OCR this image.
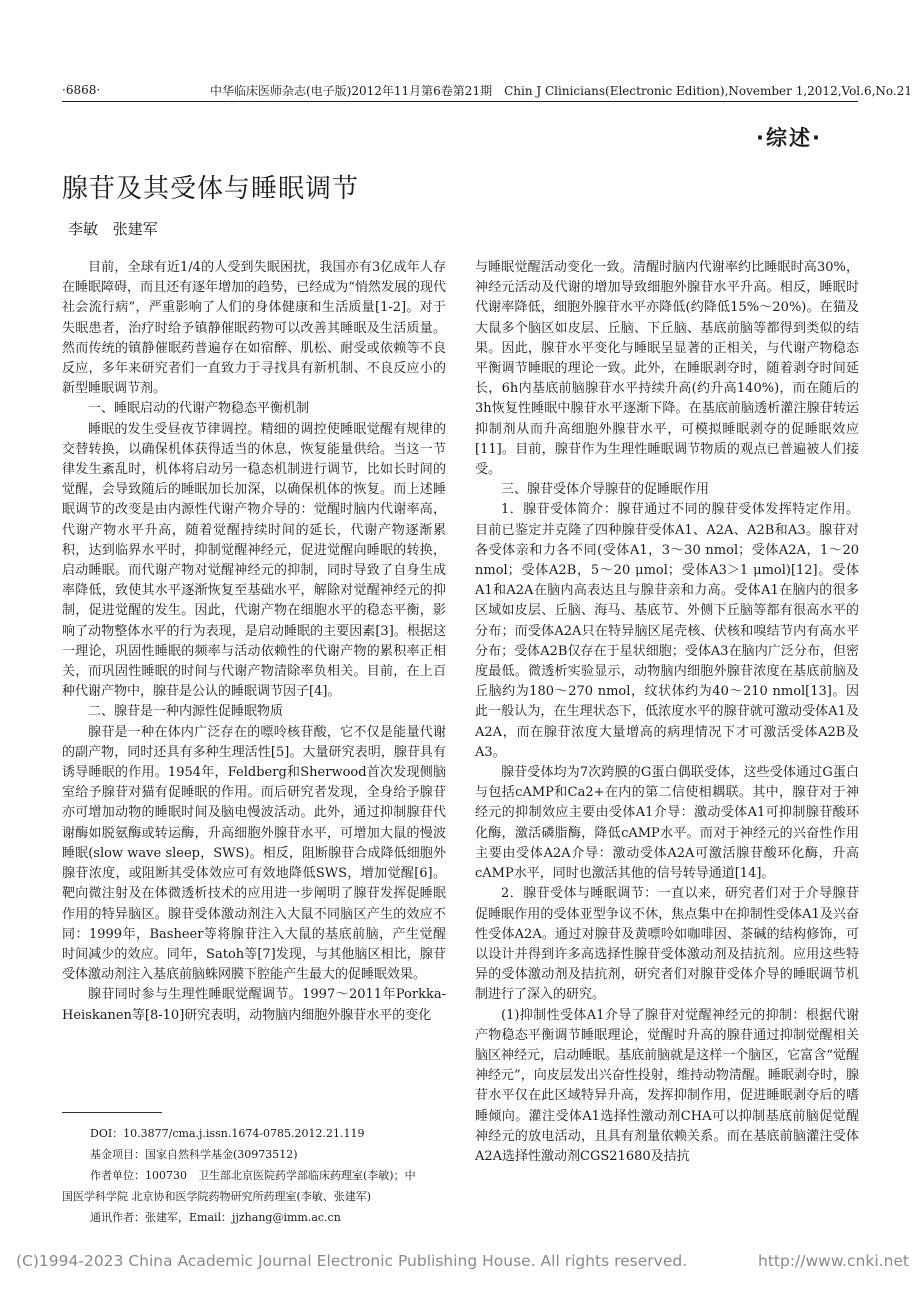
·6868·	中华临床医师杂志(电子版)2012年11月第6卷第21期　Chin J Clinicians(Electronic Edition),November 1,2012,Vol.6,No.21
·综述·
腺苷及其受体与睡眠调节
李敏 张建军

目前，全球有近1/4的人受到失眠困扰，我国亦有3亿成年人存在睡眠障碍，而且还有逐年增加的趋势，已经成为“悄然发展的现代社会流行病”，严重影响了人们的身体健康和生活质量[1-2]。对于失眠患者，治疗时给予镇静催眠药物可以改善其睡眠及生活质量。然而传统的镇静催眠药普遍存在如宿醉、肌松、耐受或依赖等不良反应，多年来研究者们一直致力于寻找具有新机制、不良反应小的新型睡眠调节剂。

一、睡眠启动的代谢产物稳态平衡机制

睡眠的发生受昼夜节律调控。精细的调控使睡眠觉醒有规律的交替转换，以确保机体获得适当的休息，恢复能量供给。当这一节律发生紊乱时，机体将启动另一稳态机制进行调节，比如长时间的觉醒，会导致随后的睡眠加长加深，以确保机体的恢复。而上述睡眠调节的改变是由内源性代谢产物介导的：觉醒时脑内代谢率高，代谢产物水平升高，随着觉醒持续时间的延长，代谢产物逐渐累积，达到临界水平时，抑制觉醒神经元，促进觉醒向睡眠的转换，启动睡眠。而代谢产物对觉醒神经元的抑制，同时导致了自身生成率降低，致使其水平逐渐恢复至基础水平，解除对觉醒神经元的抑制，促进觉醒的发生。因此，代谢产物在细胞水平的稳态平衡，影响了动物整体水平的行为表现，是启动睡眠的主要因素[3]。根据这一理论，巩固性睡眠的频率与活动依赖性的代谢产物的累积率正相关，而巩固性睡眠的时间与代谢产物清除率负相关。目前，在上百种代谢产物中，腺苷是公认的睡眠调节因子[4]。

二、腺苷是一种内源性促睡眠物质

腺苷是一种在体内广泛存在的嘌呤核苷酸，它不仅是能量代谢的副产物，同时还具有多种生理活性[5]。大量研究表明，腺苷具有诱导睡眠的作用。1954年，Feldberg和Sherwood首次发现侧脑室给予腺苷对猫有促睡眠的作用。而后研究者发现，全身给予腺苷亦可增加动物的睡眠时间及脑电慢波活动。此外，通过抑制腺苷代谢酶如脱氨酶或转运酶，升高细胞外腺苷水平，可增加大鼠的慢波睡眠(slow wave sleep，SWS)。相反，阻断腺苷合成降低细胞外腺苷浓度，或阻断其受体效应可有效地降低SWS，增加觉醒[6]。靶向微注射及在体微透析技术的应用进一步阐明了腺苷发挥促睡眠作用的特异脑区。腺苷受体激动剂注入大鼠不同脑区产生的效应不同：1999年，Basheer等将腺苷注入大鼠的基底前脑，产生觉醒时间减少的效应。同年，Satoh等[7]发现，与其他脑区相比，腺苷受体激动剂注入基底前脑蛛网膜下腔能产生最大的促睡眠效果。

腺苷同时参与生理性睡眠觉醒调节。1997～2011年Porkka-Heiskanen等[8-10]研究表明，动物脑内细胞外腺苷水平的变化

与睡眠觉醒活动变化一致。清醒时脑内代谢率约比睡眠时高30%，神经元活动及代谢的增加导致细胞外腺苷水平升高。相反，睡眠时代谢率降低，细胞外腺苷水平亦降低(约降低15%～20%)。在猫及大鼠多个脑区如皮层、丘脑、下丘脑、基底前脑等都得到类似的结果。因此，腺苷水平变化与睡眠呈显著的正相关，与代谢产物稳态平衡调节睡眠的理论一致。此外，在睡眠剥夺时，随着剥夺时间延长，6h内基底前脑腺苷水平持续升高(约升高140%)，而在随后的3h恢复性睡眠中腺苷水平逐渐下降。在基底前脑透析灌注腺苷转运抑制剂从而升高细胞外腺苷水平，可模拟睡眠剥夺的促睡眠效应[11]。目前，腺苷作为生理性睡眠调节物质的观点已普遍被人们接受。

三、腺苷受体介导腺苷的促睡眠作用

1．腺苷受体简介：腺苷通过不同的腺苷受体发挥特定作用。目前已鉴定并克隆了四种腺苷受体A1、A2A、A2B和A3。腺苷对各受体亲和力各不同(受体A1，3～30 nmol；受体A2A，1～20 nmol；受体A2B，5～20 μmol；受体A3＞1 μmol)[12]。受体A1和A2A在脑内高表达且与腺苷亲和力高。受体A1在脑内的很多区域如皮层、丘脑、海马、基底节、外侧下丘脑等都有很高水平的分布；而受体A2A只在特异脑区尾壳核、伏核和嗅结节内有高水平分布；受体A2B仅存在于星状细胞；受体A3在脑内广泛分布，但密度最低。微透析实验显示，动物脑内细胞外腺苷浓度在基底前脑及丘脑约为180～270 nmol，纹状体约为40～210 nmol[13]。因此一般认为，在生理状态下，低浓度水平的腺苷就可激动受体A1及A2A，而在腺苷浓度大量增高的病理情况下才可激活受体A2B及A3。

腺苷受体均为7次跨膜的G蛋白偶联受体，这些受体通过G蛋白与包括cAMP和Ca2+在内的第二信使相耦联。其中，腺苷对于神经元的抑制效应主要由受体A1介导：激动受体A1可抑制腺苷酸环化酶，激活磷脂酶，降低cAMP水平。而对于神经元的兴奋性作用主要由受体A2A介导：激动受体A2A可激活腺苷酸环化酶，升高cAMP水平，同时也激活其他的信号转导通道[14]。

2．腺苷受体与睡眠调节：一直以来，研究者们对于介导腺苷促睡眠作用的受体亚型争议不休，焦点集中在抑制性受体A1及兴奋性受体A2A。通过对腺苷及黄嘌呤如咖啡因、茶碱的结构修饰，可以设计并得到许多高选择性腺苷受体激动剂及拮抗剂。应用这些特异的受体激动剂及拮抗剂，研究者们对腺苷受体介导的睡眠调节机制进行了深入的研究。

(1)抑制性受体A1介导了腺苷对觉醒神经元的抑制：根据代谢产物稳态平衡调节睡眠理论，觉醒时升高的腺苷通过抑制觉醒相关脑区神经元，启动睡眠。基底前脑就是这样一个脑区，它富含“觉醒神经元”，向皮层发出兴奋性投射，维持动物清醒。睡眠剥夺时，腺苷水平仅在此区域特异升高，发挥抑制作用，促进睡眠剥夺后的嗜睡倾向。灌注受体A1选择性激动剂CHA可以抑制基底前脑促觉醒神经元的放电活动，且具有剂量依赖关系。而在基底前脑灌注受体A2A选择性激动剂CGS21680及拮抗

DOI：10.3877/cma.j.issn.1674-0785.2012.21.119
基金项目：国家自然科学基金(30973512)
作者单位：100730　卫生部北京医院药学部临床药理室(李敏)；中
国医学科学院 北京协和医学院药物研究所药理室(李敏、张建军)
通讯作者：张建军，Email：jjzhang@imm.ac.cn
(C)1994-2023 China Academic Journal Electronic Publishing House. All rights reserved.	http://www.cnki.net
